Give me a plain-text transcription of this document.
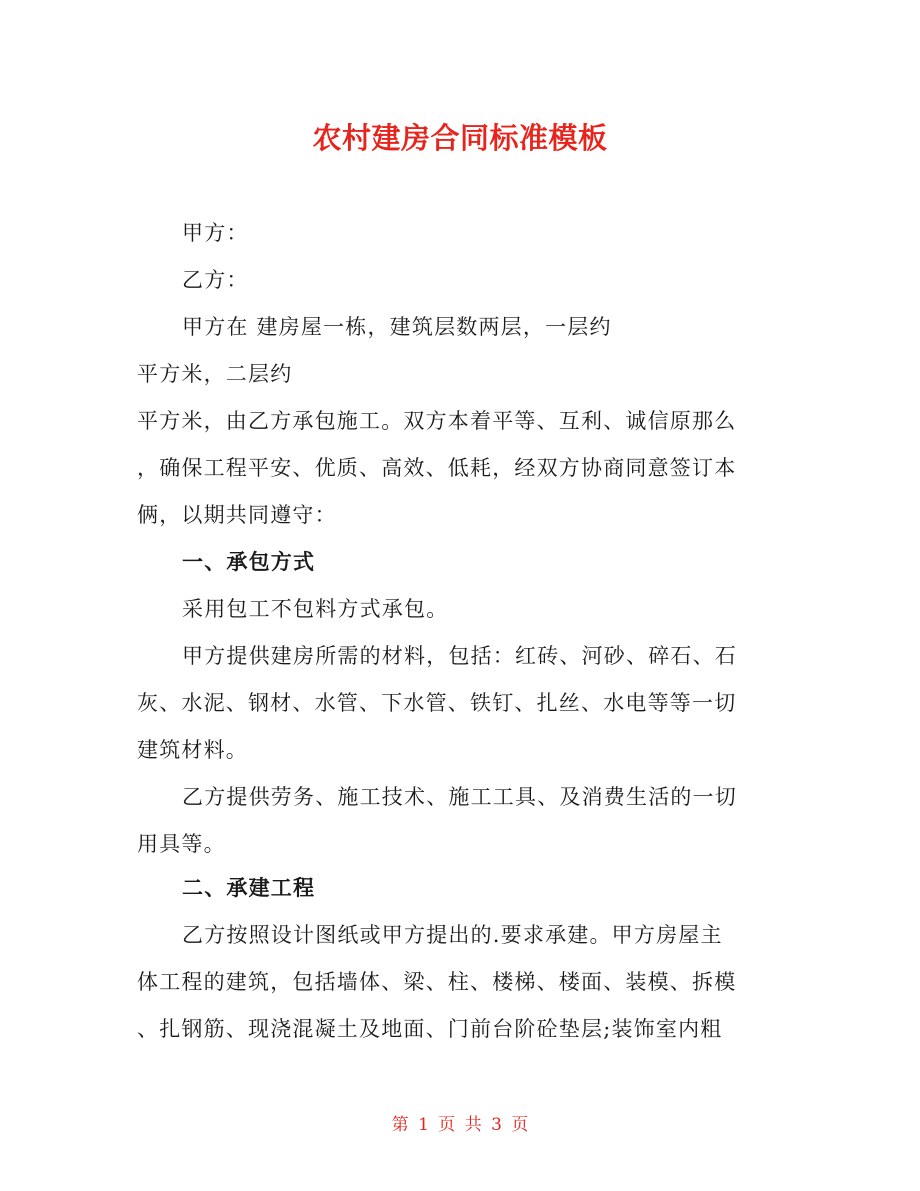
农村建房合同标准模板

甲方：

乙方：

甲方在 建房屋一栋，建筑层数两层，一层约

平方米，二层约

平方米，由乙方承包施工。双方本着平等、互利、诚信原那么

，确保工程平安、优质、高效、低耗，经双方协商同意签订本

俩，以期共同遵守：

一、承包方式

采用包工不包料方式承包。

甲方提供建房所需的材料，包括：红砖、河砂、碎石、石

灰、水泥、钢材、水管、下水管、铁钉、扎丝、水电等等一切

建筑材料。

乙方提供劳务、施工技术、施工工具、及消费生活的一切

用具等。

二、承建工程

乙方按照设计图纸或甲方提出的.要求承建。甲方房屋主

体工程的建筑，包括墙体、梁、柱、楼梯、楼面、装模、拆模

、扎钢筋、现浇混凝土及地面、门前台阶砼垫层;装饰室内粗

第 1 页 共 3 页
